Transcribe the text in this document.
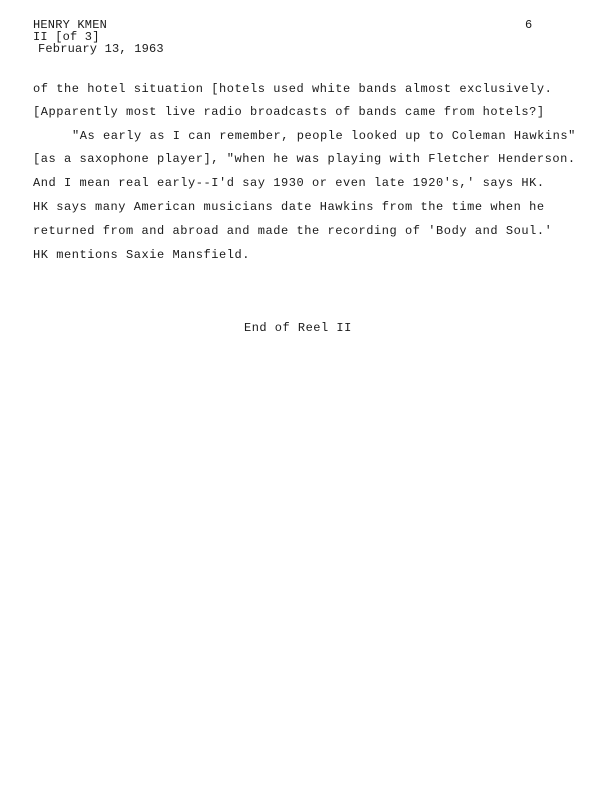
HENRY KMEN
II [of 3]
February 13, 1963
6
of the hotel situation [hotels used white bands almost exclusively.
[Apparently most live radio broadcasts of bands came from hotels?]
"As early as I can remember, people looked up to Coleman Hawkins"
[as a saxophone player], "when he was playing with Fletcher Henderson.
And I mean real early--I'd say 1930 or even late 1920's,' says HK.
HK says many American musicians date Hawkins from the time when he
returned from and abroad and made the recording of 'Body and Soul.'
HK mentions Saxie Mansfield.
End of Reel II
